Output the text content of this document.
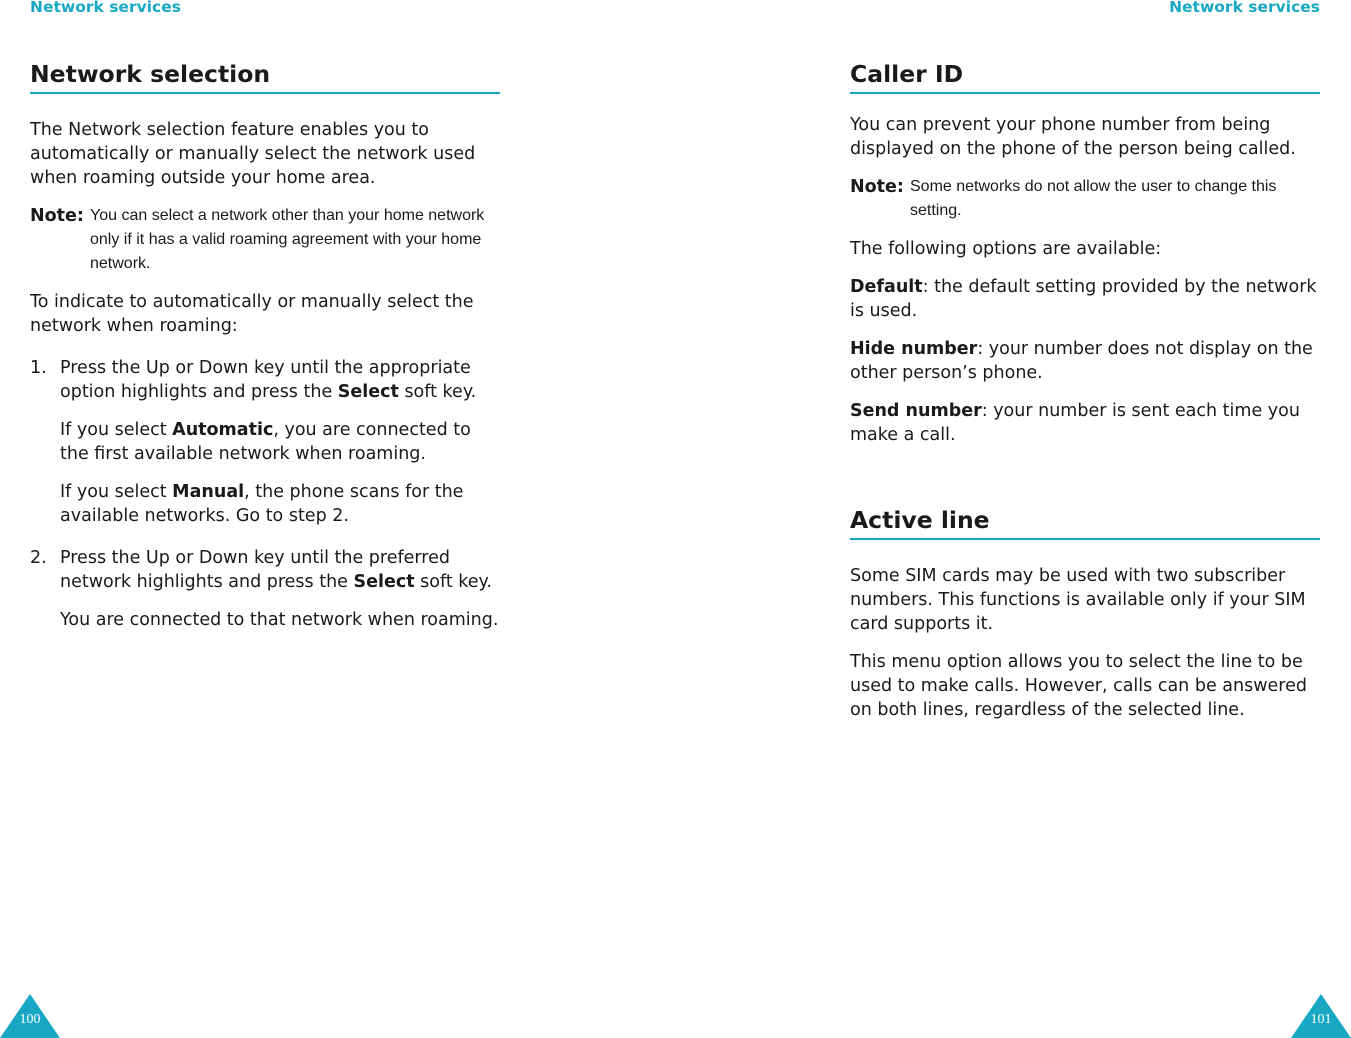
Network services
Network selection

The Network selection feature enables you to automatically or manually select the network used when roaming outside your home area.

Note: You can select a network other than your home network only if it has a valid roaming agreement with your home network.

To indicate to automatically or manually select the network when roaming:

1. Press the Up or Down key until the appropriate option highlights and press the Select soft key.

If you select Automatic, you are connected to the first available network when roaming.

If you select Manual, the phone scans for the available networks. Go to step 2.

2. Press the Up or Down key until the preferred network highlights and press the Select soft key.

You are connected to that network when roaming.

100
Network services
Caller ID

You can prevent your phone number from being displayed on the phone of the person being called.

Note: Some networks do not allow the user to change this setting.

The following options are available:

Default: the default setting provided by the network is used.

Hide number: your number does not display on the other person’s phone.

Send number: your number is sent each time you make a call.

Active line

Some SIM cards may be used with two subscriber numbers. This functions is available only if your SIM card supports it.

This menu option allows you to select the line to be used to make calls. However, calls can be answered on both lines, regardless of the selected line.

101
